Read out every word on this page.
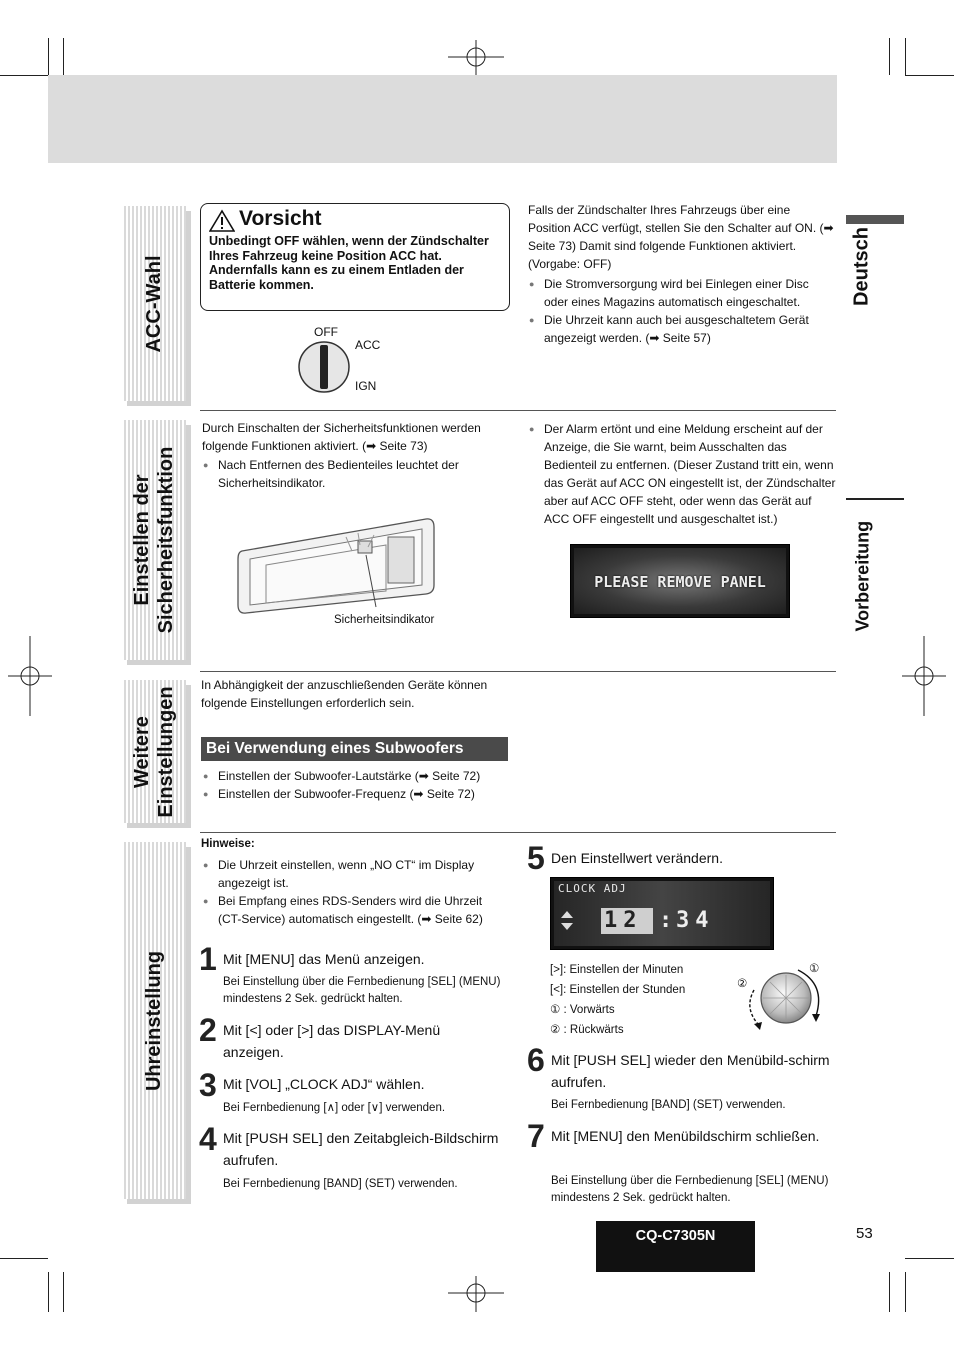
Deutsch
Vorbereitung
ACC-Wahl
Einstellen der Sicherheitsfunktion
Weitere Einstellungen
Uhreinstellung
Vorsicht
Unbedingt OFF wählen, wenn der Zündschalter Ihres Fahrzeug keine Position ACC hat.
Andernfalls kann es zu einem Entladen der Batterie kommen.
OFF
ACC
IGN
Falls der Zündschalter Ihres Fahrzeugs über eine Position ACC verfügt, stellen Sie den Schalter auf ON. (➡ Seite 73) Damit sind folgende Funktionen aktiviert. (Vorgabe: OFF)
● Die Stromversorgung wird bei Einlegen einer Disc oder eines Magazins automatisch eingeschaltet.
● Die Uhrzeit kann auch bei ausgeschaltetem Gerät angezeigt werden. (➡ Seite 57)
Durch Einschalten der Sicherheitsfunktionen werden folgende Funktionen aktiviert. (➡ Seite 73)
● Nach Entfernen des Bedienteiles leuchtet der Sicherheitsindikator.
Sicherheitsindikator
● Der Alarm ertönt und eine Meldung erscheint auf der Anzeige, die Sie warnt, beim Ausschalten das Bedienteil zu entfernen. (Dieser Zustand tritt ein, wenn das Gerät auf ACC ON eingestellt ist, der Zündschalter aber auf ACC OFF steht, oder wenn das Gerät auf ACC OFF eingestellt und ausgeschaltet ist.)
PLEASE REMOVE PANEL
In Abhängigkeit der anzuschließenden Geräte können folgende Einstellungen erforderlich sein.
Bei Verwendung eines Subwoofers
● Einstellen der Subwoofer-Lautstärke (➡ Seite 72)
● Einstellen der Subwoofer-Frequenz (➡ Seite 72)
Hinweise:
● Die Uhrzeit einstellen, wenn „NO CT“ im Display angezeigt ist.
● Bei Empfang eines RDS-Senders wird die Uhrzeit (CT-Service) automatisch eingestellt. (➡ Seite 62)
1 Mit [MENU] das Menü anzeigen.
Bei Einstellung über die Fernbedienung [SEL] (MENU) mindestens 2 Sek. gedrückt halten.
2 Mit [<] oder [>] das DISPLAY-Menü anzeigen.
3 Mit [VOL] „CLOCK ADJ“ wählen.
Bei Fernbedienung [∧] oder [∨] verwenden.
4 Mit [PUSH SEL] den Zeitabgleich-Bildschirm aufrufen.
Bei Fernbedienung [BAND] (SET) verwenden.
5 Den Einstellwert verändern.
CLOCK ADJ
12 : 34
[>]: Einstellen der Minuten
[<]: Einstellen der Stunden
① : Vorwärts
② : Rückwärts
①
②
6 Mit [PUSH SEL] wieder den Menübild-schirm aufrufen.
Bei Fernbedienung [BAND] (SET) verwenden.
7 Mit [MENU] den Menübildschirm schließen.
Bei Einstellung über die Fernbedienung [SEL] (MENU) mindestens 2 Sek. gedrückt halten.
CQ-C7305N	53
